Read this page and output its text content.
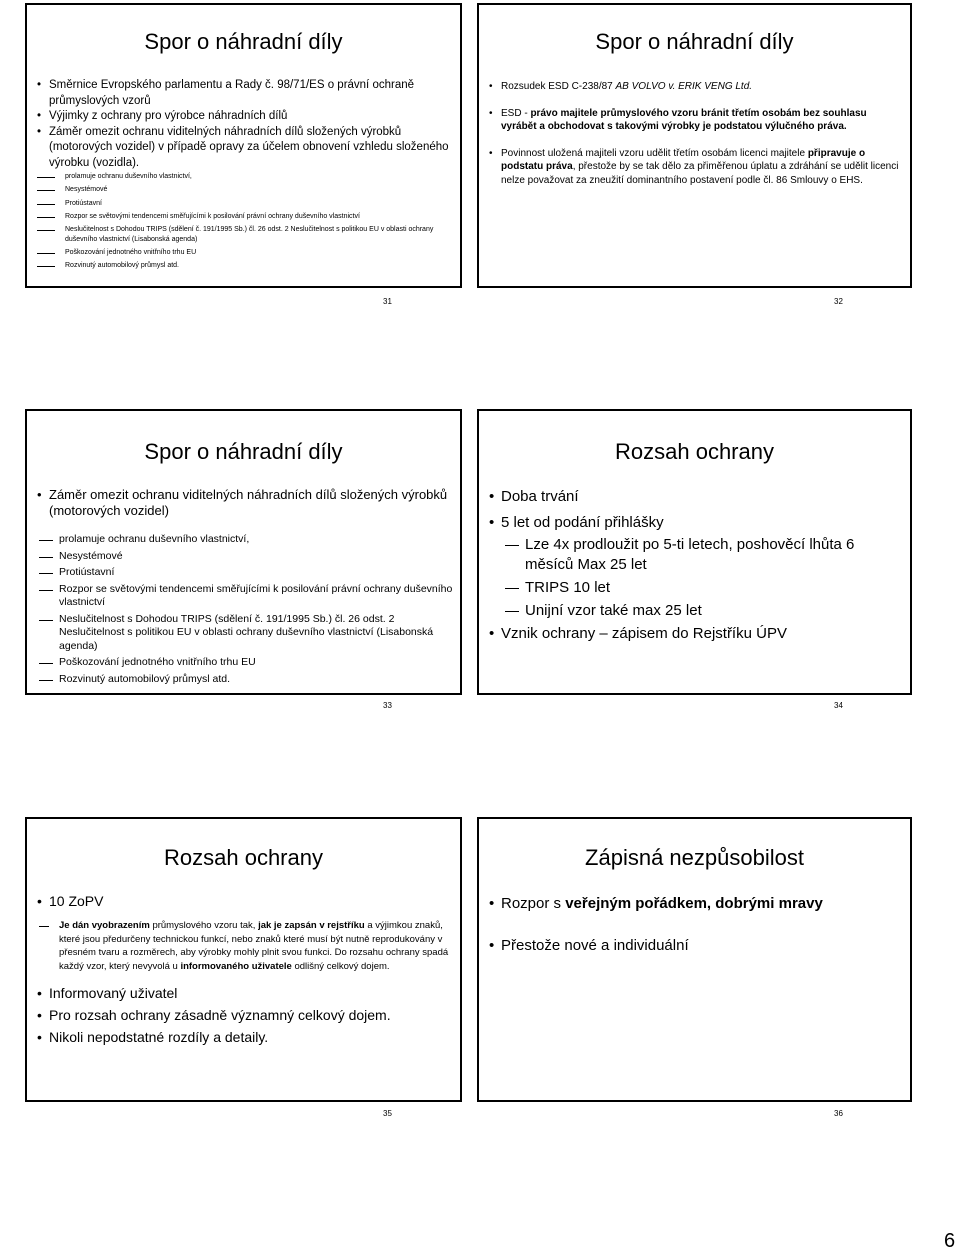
Spor o náhradní díly
• Směrnice Evropského parlamentu a Rady č. 98/71/ES o právní ochraně průmyslových vzorů
• Výjimky z ochrany pro výrobce náhradních dílů
• Záměr omezit ochranu viditelných náhradních dílů složených výrobků (motorových vozidel) v případě opravy za účelem obnovení vzhledu složeného výrobku (vozidla).
prolamuje ochranu duševního vlastnictví,
Nesystémové
Protiústavní
Rozpor se světovými tendencemi směřujícími k posilování právní ochrany duševního vlastnictví
Neslučitelnost s Dohodou TRIPS (sdělení č. 191/1995 Sb.) čl. 26 odst. 2 Neslučitelnost s politikou EU v oblasti ochrany duševního vlastnictví (Lisabonská agenda)
Poškozování jednotného vnitřního trhu EU
Rozvinutý automobilový průmysl atd.
31
Spor o náhradní díly
• Rozsudek ESD C-238/87 AB VOLVO v. ERIK VENG Ltd.
• ESD - právo majitele průmyslového vzoru bránit třetím osobám bez souhlasu vyrábět a obchodovat s takovými výrobky je podstatou výlučného práva.
• Povinnost uložená majiteli vzoru udělit třetím osobám licenci majitele připravuje o podstatu práva, přestože by se tak dělo za přiměřenou úplatu a zdráhání se udělit licenci nelze považovat za zneužití dominantního postavení podle čl. 86 Smlouvy o EHS.
32
Spor o náhradní díly
• Záměr omezit ochranu viditelných náhradních dílů složených výrobků (motorových vozidel)
prolamuje ochranu duševního vlastnictví,
Nesystémové
Protiústavní
Rozpor se světovými tendencemi směřujícími k posilování právní ochrany duševního vlastnictví
Neslučitelnost s Dohodou TRIPS (sdělení č. 191/1995 Sb.) čl. 26 odst. 2 Neslučitelnost s politikou EU v oblasti ochrany duševního vlastnictví (Lisabonská agenda)
Poškozování jednotného vnitřního trhu EU
Rozvinutý automobilový průmysl atd.
33
Rozsah ochrany
• Doba trvání
• 5 let od podání přihlášky
Lze 4x prodloužit po 5-ti letech, poshověcí lhůta 6 měsíců Max 25 let
TRIPS 10 let
Unijní vzor také max 25 let
• Vznik ochrany – zápisem do Rejstříku ÚPV
34
Rozsah ochrany
• 10 ZoPV
Je dán vyobrazením průmyslového vzoru tak, jak je zapsán v rejstříku a výjimkou znaků, které jsou předurčeny technickou funkcí, nebo znaků které musí být nutně reprodukovány v přesném tvaru a rozměrech, aby výrobky mohly plnit svou funkci. Do rozsahu ochrany spadá každý vzor, který nevyvolá u informovaného uživatele odlišný celkový dojem.
• Informovaný uživatel
• Pro rozsah ochrany zásadně významný celkový dojem.
• Nikoli nepodstatné rozdíly a detaily.
35
Zápisná nezpůsobilost
• Rozpor s veřejným pořádkem, dobrými mravy
• Přestože nové a individuální
36
6
